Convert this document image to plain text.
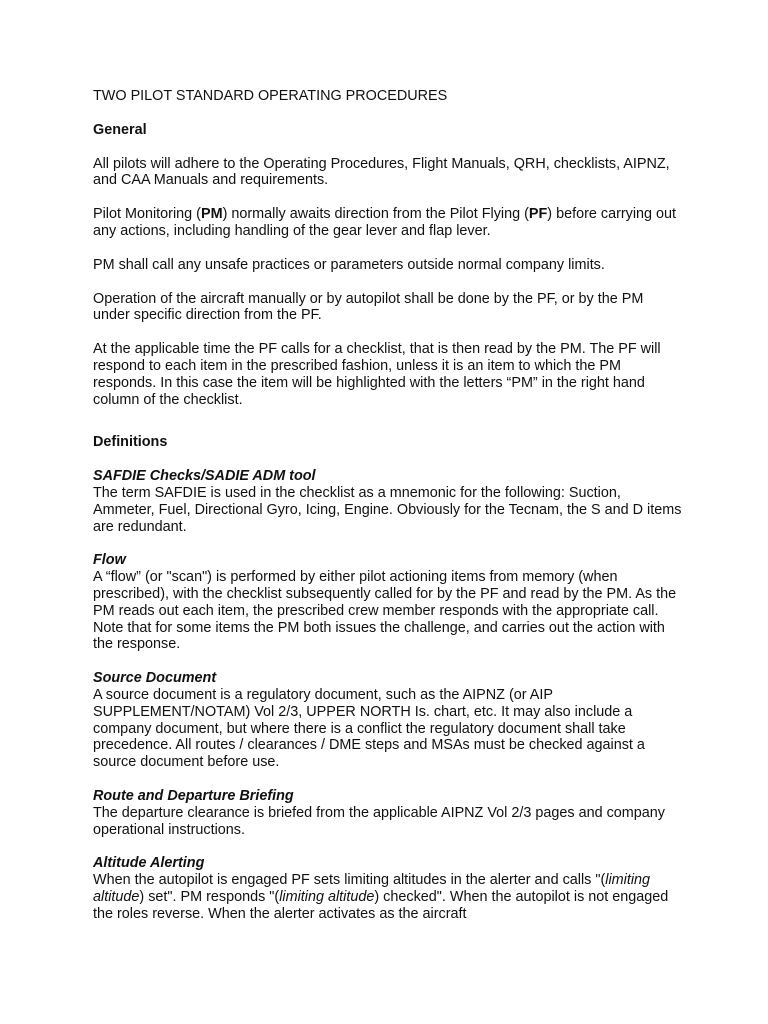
TWO PILOT STANDARD OPERATING PROCEDURES
General
All pilots will adhere to the Operating Procedures, Flight Manuals, QRH, checklists, AIPNZ, and CAA Manuals and requirements.
Pilot Monitoring (PM) normally awaits direction from the Pilot Flying (PF) before carrying out any actions, including handling of the gear lever and flap lever.
PM shall call any unsafe practices or parameters outside normal company limits.
Operation of the aircraft manually or by autopilot shall be done by the PF, or by the PM under specific direction from the PF.
At the applicable time the PF calls for a checklist, that is then read by the PM. The PF will respond to each item in the prescribed fashion, unless it is an item to which the PM responds. In this case the item will be highlighted with the letters “PM” in the right hand column of the checklist.
Definitions
SAFDIE Checks/SADIE ADM tool
The term SAFDIE is used in the checklist as a mnemonic for the following: Suction, Ammeter, Fuel, Directional Gyro, Icing, Engine. Obviously for the Tecnam, the S and D items are redundant.
Flow
A “flow” (or "scan") is performed by either pilot actioning items from memory (when prescribed), with the checklist subsequently called for by the PF and read by the PM. As the PM reads out each item, the prescribed crew member responds with the appropriate call. Note that for some items the PM both issues the challenge, and carries out the action with the response.
Source Document
A source document is a regulatory document, such as the AIPNZ (or AIP SUPPLEMENT/NOTAM) Vol 2/3, UPPER NORTH Is. chart, etc. It may also include a company document, but where there is a conflict the regulatory document shall take precedence. All routes / clearances / DME steps and MSAs must be checked against a source document before use.
Route and Departure Briefing
The departure clearance is briefed from the applicable AIPNZ Vol 2/3 pages and company operational instructions.
Altitude Alerting
When the autopilot is engaged PF sets limiting altitudes in the alerter and calls "(limiting altitude) set". PM responds "(limiting altitude) checked". When the autopilot is not engaged the roles reverse. When the alerter activates as the aircraft
